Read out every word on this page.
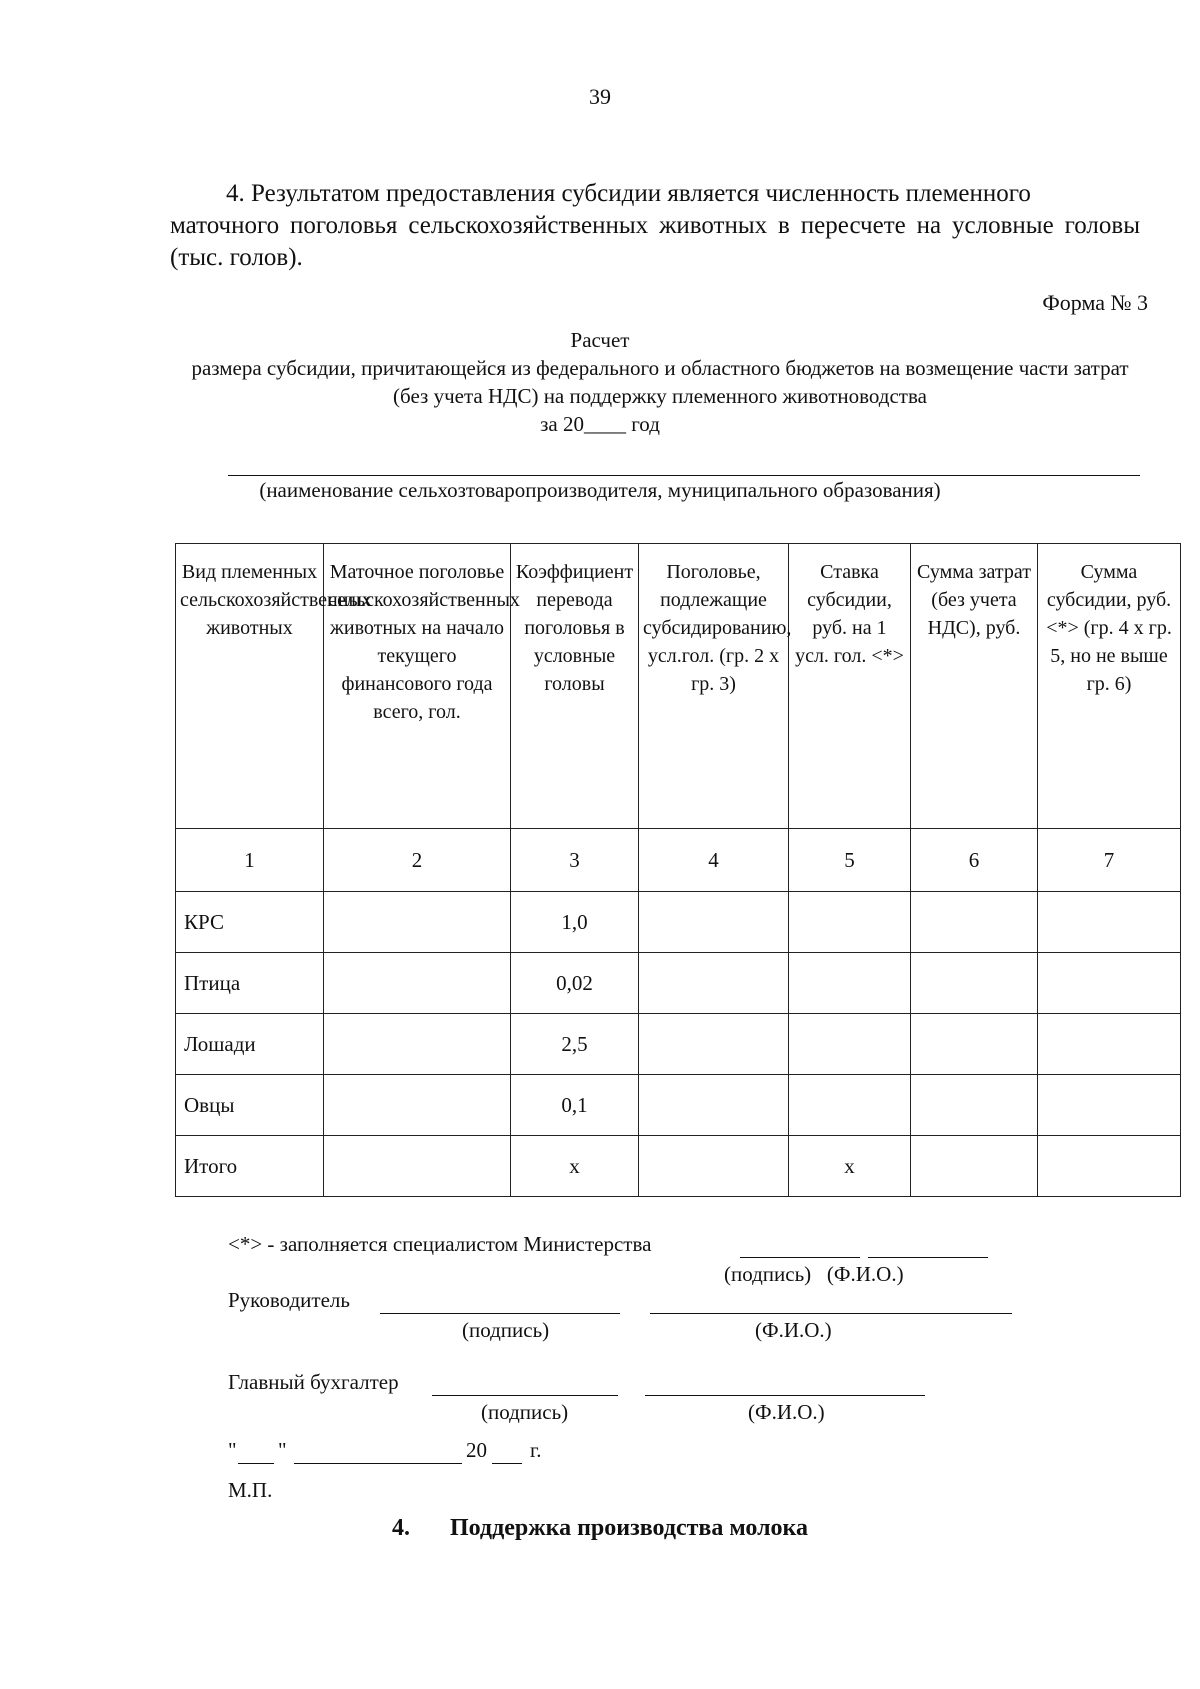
39
4. Результатом предоставления субсидии является численность племенного
маточного поголовья сельскохозяйственных животных в пересчете на условные головы (тыс. голов).
Форма № 3
Расчет
размера субсидии, причитающейся из федерального и областного бюджетов на возмещение части затрат (без учета НДС) на поддержку племенного животноводства
за 20____ год
(наименование сельхозтоваропроизводителя, муниципального образования)
Вид племенных сельскохозяйственных животных	Маточное поголовье сельскохозяйственных животных на начало текущего финансового года всего, гол.	Коэффициент перевода поголовья в условные головы	Поголовье, подлежащие субсидированию, усл.гол. (гр. 2 х гр. 3)	Ставка субсидии, руб. на 1 усл. гол. <*>	Сумма затрат (без учета НДС), руб.	Сумма субсидии, руб. <*> (гр. 4 х гр. 5, но не выше гр. 6)
1	2	3	4	5	6	7
КРС		1,0				
Птица		0,02				
Лошади		2,5				
Овцы		0,1				
Итого		х		х		
<*> - заполняется специалистом Министерства
(подпись)   (Ф.И.О.)
Руководитель
(подпись)	(Ф.И.О.)
Главный бухгалтер
(подпись)	(Ф.И.О.)
" "	20 г.
М.П.
4. Поддержка производства молока
